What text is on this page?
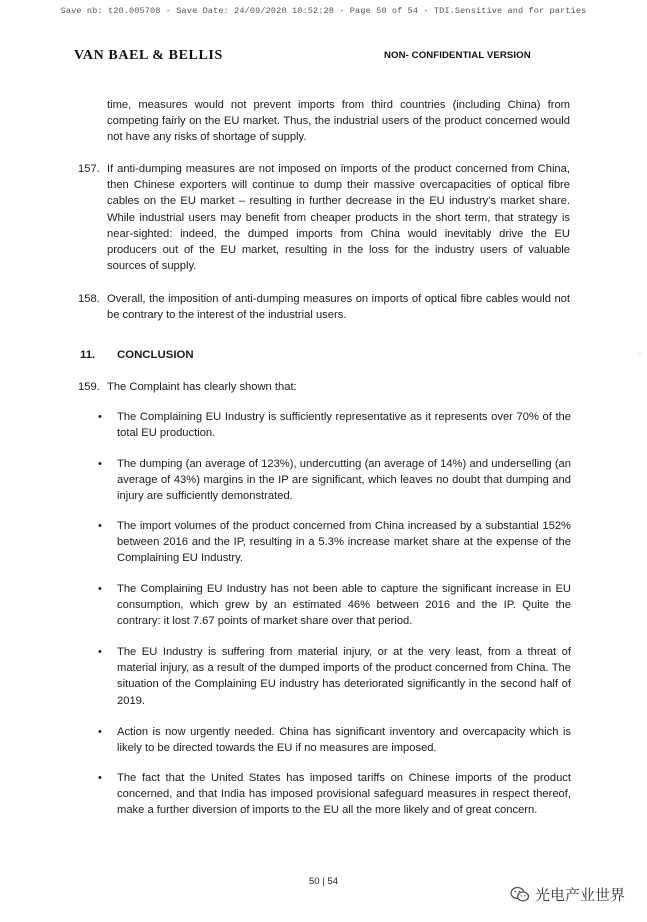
Save nb: t20.005708 - Save Date: 24/09/2020 10:52:28 - Page 50 of 54 - TDI.Sensitive and for parties
VAN BAEL & BELLIS	NON- CONFIDENTIAL VERSION
time, measures would not prevent imports from third countries (including China) from competing fairly on the EU market. Thus, the industrial users of the product concerned would not have any risks of shortage of supply.
157. If anti-dumping measures are not imposed on imports of the product concerned from China, then Chinese exporters will continue to dump their massive overcapacities of optical fibre cables on the EU market – resulting in further decrease in the EU industry's market share. While industrial users may benefit from cheaper products in the short term, that strategy is near-sighted: indeed, the dumped imports from China would inevitably drive the EU producers out of the EU market, resulting in the loss for the industry users of valuable sources of supply.
158. Overall, the imposition of anti-dumping measures on imports of optical fibre cables would not be contrary to the interest of the industrial users.
11. CONCLUSION	..
159. The Complaint has clearly shown that:
• The Complaining EU Industry is sufficiently representative as it represents over 70% of the total EU production.
• The dumping (an average of 123%), undercutting (an average of 14%) and underselling (an average of 43%) margins in the IP are significant, which leaves no doubt that dumping and injury are sufficiently demonstrated.
• The import volumes of the product concerned from China increased by a substantial 152% between 2016 and the IP, resulting in a 5.3% increase market share at the expense of the Complaining EU Industry.
• The Complaining EU Industry has not been able to capture the significant increase in EU consumption, which grew by an estimated 46% between 2016 and the IP. Quite the contrary: it lost 7.67 points of market share over that period.
• The EU Industry is suffering from material injury, or at the very least, from a threat of material injury, as a result of the dumped imports of the product concerned from China. The situation of the Complaining EU industry has deteriorated significantly in the second half of 2019.
• Action is now urgently needed. China has significant inventory and overcapacity which is likely to be directed towards the EU if no measures are imposed.
• The fact that the United States has imposed tariffs on Chinese imports of the product concerned, and that India has imposed provisional safeguard measures in respect thereof, make a further diversion of imports to the EU all the more likely and of great concern.
50 | 54
光电产业世界
